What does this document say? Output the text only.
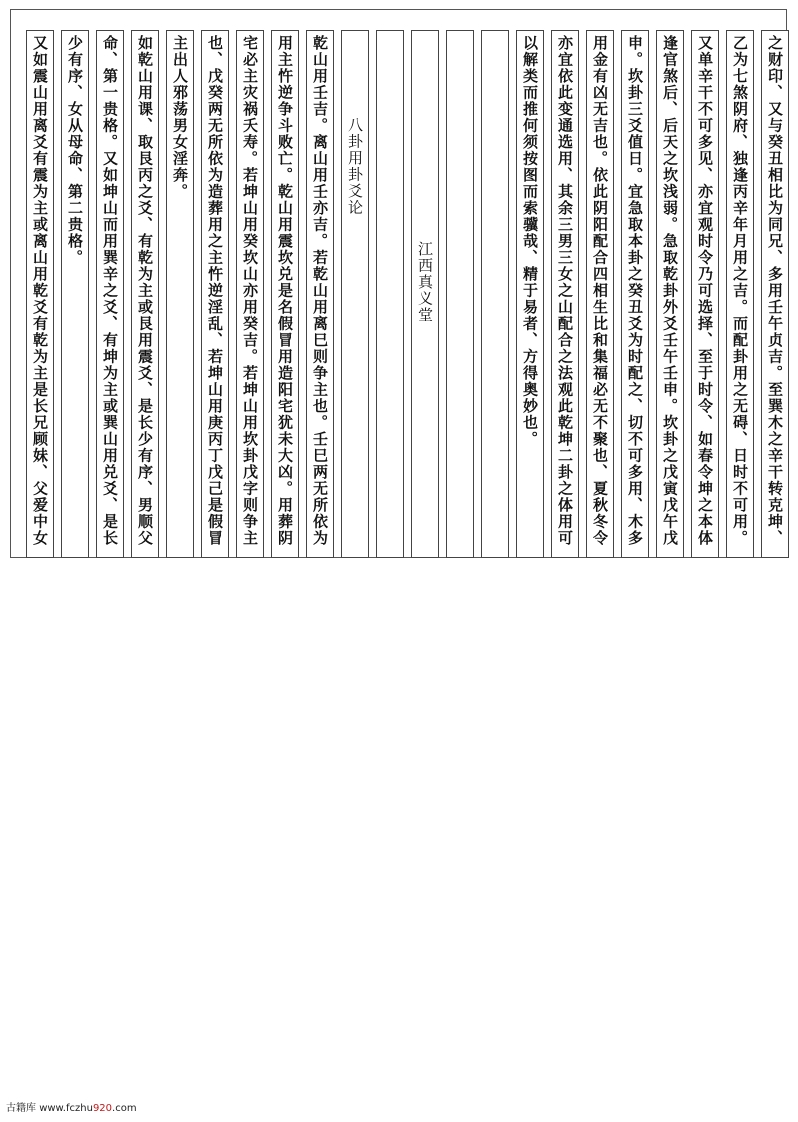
之财印、又与癸丑相比为同兄、多用壬午贞吉。至巽木之辛干转克坤、
乙为七煞阴府、独逢丙辛年月用之吉。而配卦用之无碍、日时不可用。
又单辛干不可多见、亦宜观时令乃可选择、至于时令、如春令坤之本体
逢官煞后、后天之坎浅弱。急取乾卦外爻壬午壬申。坎卦之戊寅戊午戊
申。坎卦三爻值日。宜急取本卦之癸丑爻为时配之、切不可多用、木多
用金有凶无吉也。依此阴阳配合四相生比和集福必无不聚也、夏秋冬令
亦宜依此变通选用、其余三男三女之山配合之法观此乾坤二卦之体用可
以解类而推何须按图而索骥哉、精于易者、方得奥妙也。
江西真义堂
八卦用卦爻论
乾山用壬吉。离山用壬亦吉。若乾山用离巳则争主也。壬巳两无所依为
用主忤逆争斗败亡。乾山用震坎兑是名假冒用造阳宅犹未大凶。用葬阴
宅必主灾祸夭寿。若坤山用癸坎山亦用癸吉。若坤山用坎卦戊字则争主
也、戊癸两无所依为造葬用之主忤逆淫乱、若坤山用庚丙丁戊己是假冒
主出人邪荡男女淫奔。
如乾山用课、取艮丙之爻、有乾为主或艮用震爻、是长少有序、男顺父
命、第一贵格。又如坤山而用巽辛之爻、有坤为主或巽山用兑爻、是长
少有序、女从母命、第二贵格。
又如震山用离爻有震为主或离山用乾爻有乾为主是长兄顾妹、父爱中女
古籍库 www.fczhu920.com
